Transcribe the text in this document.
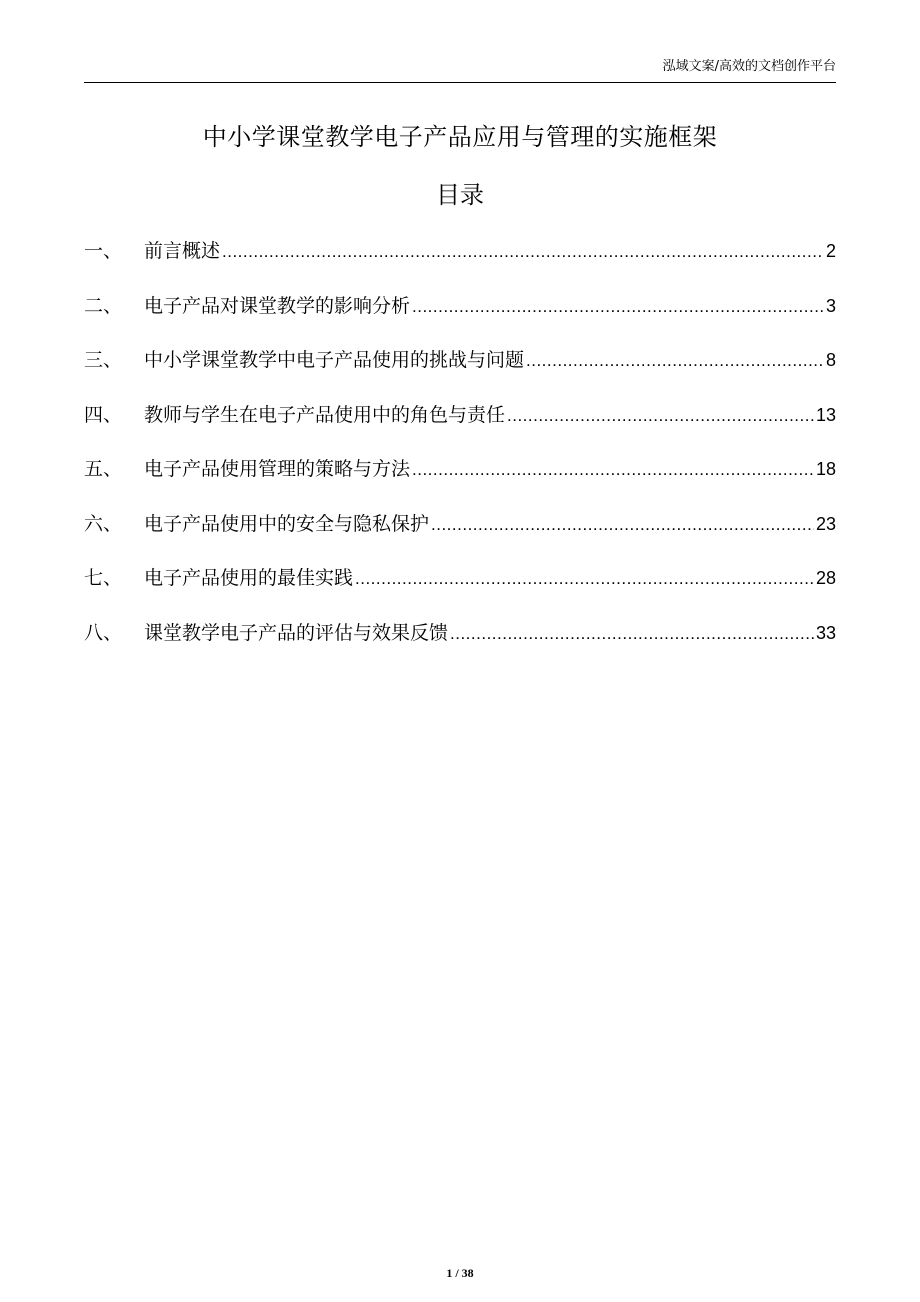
泓域文案/高效的文档创作平台
中小学课堂教学电子产品应用与管理的实施框架
目录
一、	前言概述 .....	2
二、	电子产品对课堂教学的影响分析 .....	3
三、	中小学课堂教学中电子产品使用的挑战与问题 .....	8
四、	教师与学生在电子产品使用中的角色与责任 .....	13
五、	电子产品使用管理的策略与方法 .....	18
六、	电子产品使用中的安全与隐私保护 .....	23
七、	电子产品使用的最佳实践 .....	28
八、	课堂教学电子产品的评估与效果反馈 .....	33
1 / 38
